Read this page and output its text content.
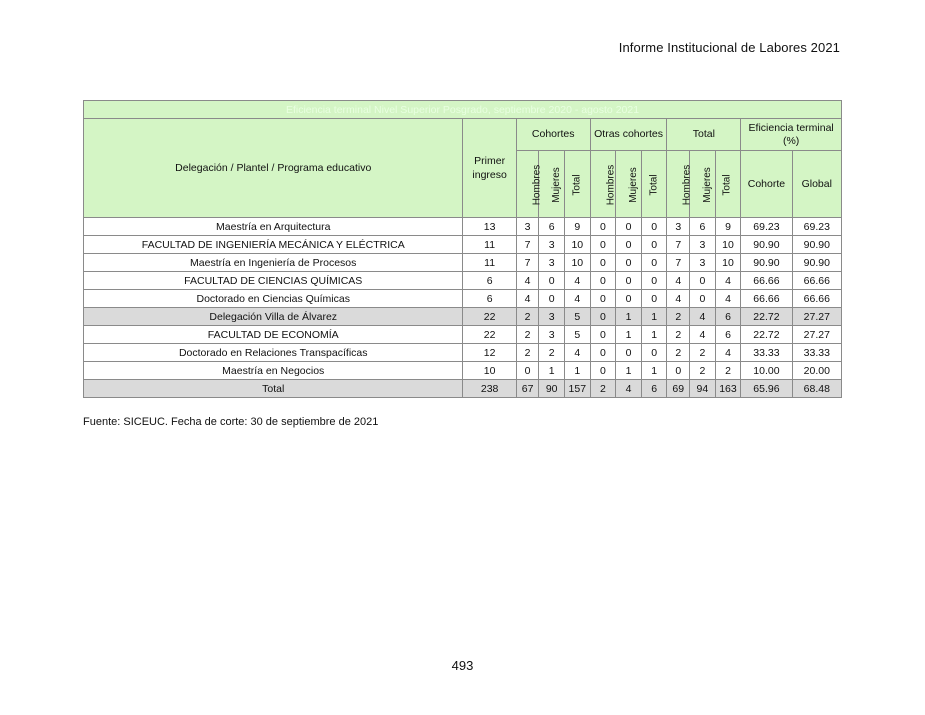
Informe Institucional de Labores 2021
Eficiencia terminal Nivel Superior Posgrado, septiembre 2020 - agosto 2021												
Delegación / Plantel / Programa educativo	Primer ingreso	Cohortes			Otras cohortes			Total			Eficiencia terminal (%)	
		Hombres	Mujeres	Total	Hombres	Mujeres	Total	Hombres	Mujeres	Total	Cohorte	Global
Maestría en Arquitectura	13	3	6	9	0	0	0	3	6	9	69.23	69.23
FACULTAD DE INGENIERÍA MECÁNICA Y ELÉCTRICA	11	7	3	10	0	0	0	7	3	10	90.90	90.90
Maestría en Ingeniería de Procesos	11	7	3	10	0	0	0	7	3	10	90.90	90.90
FACULTAD DE CIENCIAS QUÍMICAS	6	4	0	4	0	0	0	4	0	4	66.66	66.66
Doctorado en Ciencias Químicas	6	4	0	4	0	0	0	4	0	4	66.66	66.66
Delegación Villa de Álvarez	22	2	3	5	0	1	1	2	4	6	22.72	27.27
FACULTAD DE ECONOMÍA	22	2	3	5	0	1	1	2	4	6	22.72	27.27
Doctorado en Relaciones Transpacíficas	12	2	2	4	0	0	0	2	2	4	33.33	33.33
Maestría en Negocios	10	0	1	1	0	1	1	0	2	2	10.00	20.00
Total	238	67	90	157	2	4	6	69	94	163	65.96	68.48
Fuente: SICEUC. Fecha de corte: 30 de septiembre de 2021
493
